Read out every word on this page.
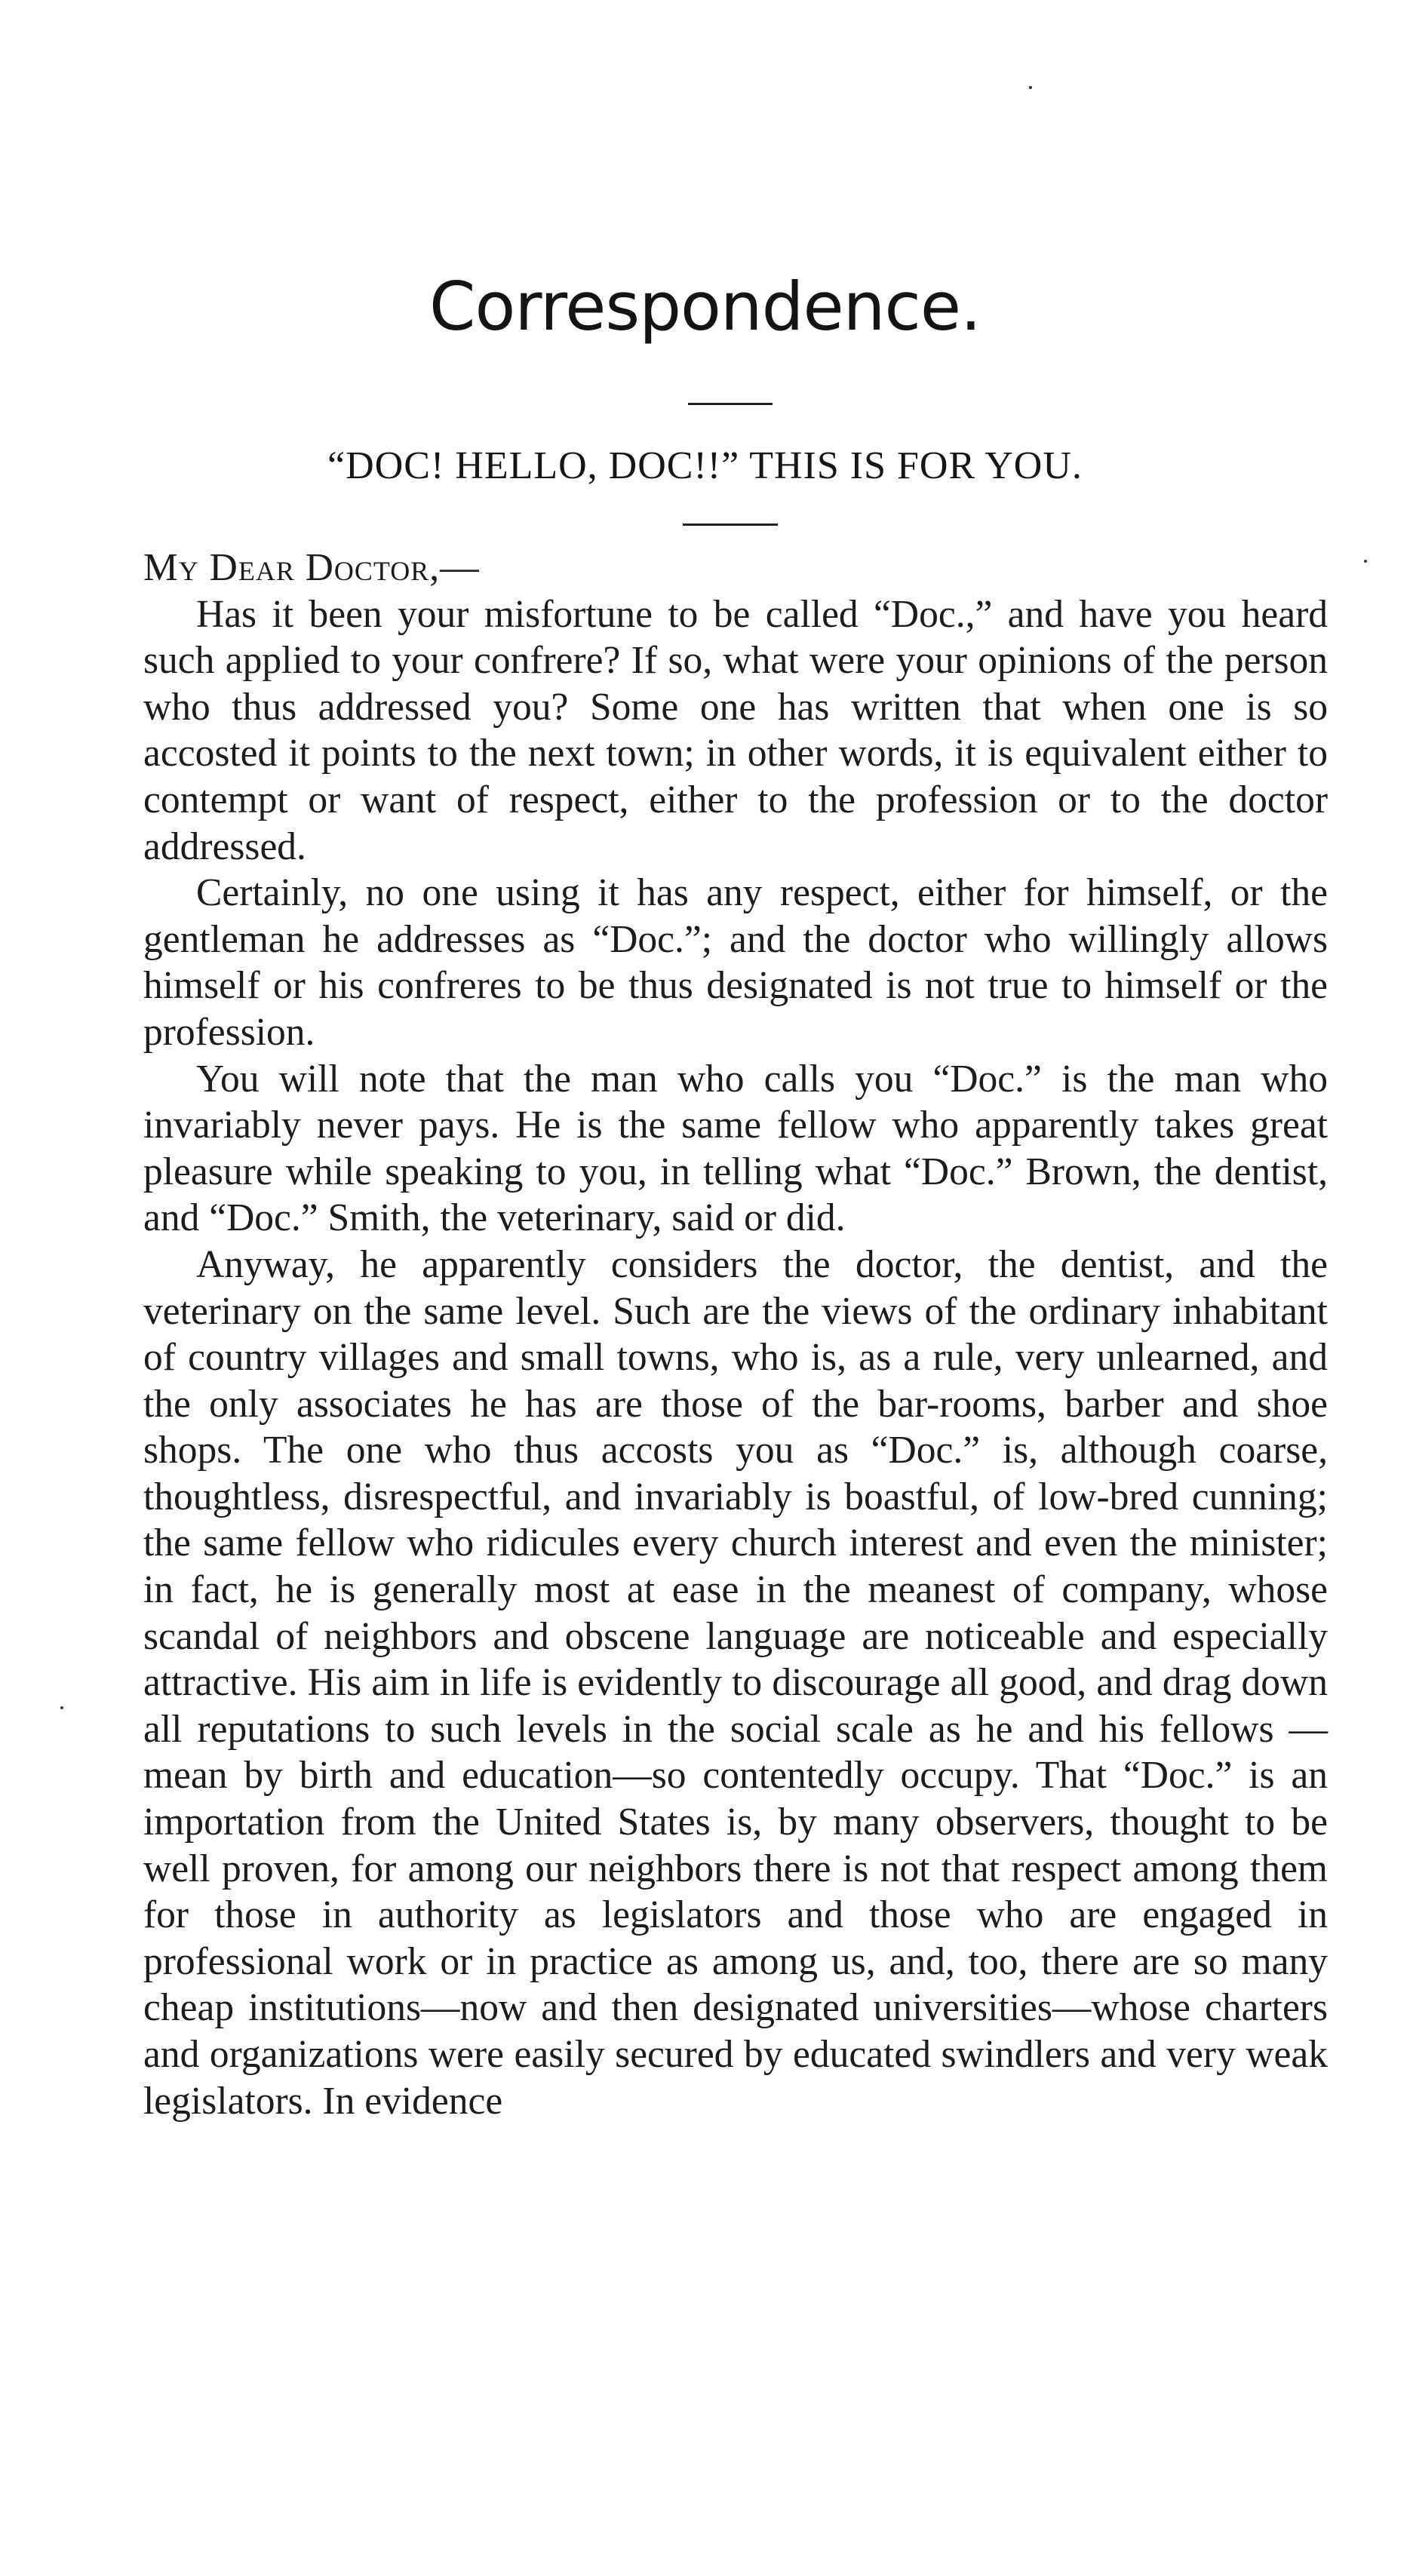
Correspondence.
“DOC! HELLO, DOC!!” THIS IS FOR YOU.

My Dear Doctor,—

Has it been your misfortune to be called “Doc.,” and have you heard such applied to your confrere? If so, what were your opinions of the person who thus addressed you? Some one has written that when one is so accosted it points to the next town; in other words, it is equivalent either to contempt or want of respect, either to the profession or to the doctor addressed.

Certainly, no one using it has any respect, either for himself, or the gentleman he addresses as “Doc.”; and the doctor who willingly allows himself or his confreres to be thus designated is not true to himself or the profession.

You will note that the man who calls you “Doc.” is the man who invariably never pays. He is the same fellow who apparently takes great pleasure while speaking to you, in telling what “Doc.” Brown, the dentist, and “Doc.” Smith, the veterinary, said or did.

Anyway, he apparently considers the doctor, the dentist, and the veterinary on the same level. Such are the views of the ordinary inhabitant of country villages and small towns, who is, as a rule, very unlearned, and the only associates he has are those of the bar-rooms, barber and shoe shops. The one who thus accosts you as “Doc.” is, although coarse, thoughtless, disrespectful, and invariably is boastful, of low-bred cunning; the same fellow who ridicules every church interest and even the minister; in fact, he is generally most at ease in the meanest of company, whose scandal of neighbors and obscene language are noticeable and especially attractive. His aim in life is evidently to discourage all good, and drag down all reputations to such levels in the social scale as he and his fellows —mean by birth and education—so contentedly occupy. That “Doc.” is an importation from the United States is, by many observers, thought to be well proven, for among our neighbors there is not that respect among them for those in authority as legislators and those who are engaged in professional work or in practice as among us, and, too, there are so many cheap institutions—now and then designated universities—whose charters and organizations were easily secured by educated swindlers and very weak legislators. In evidence
